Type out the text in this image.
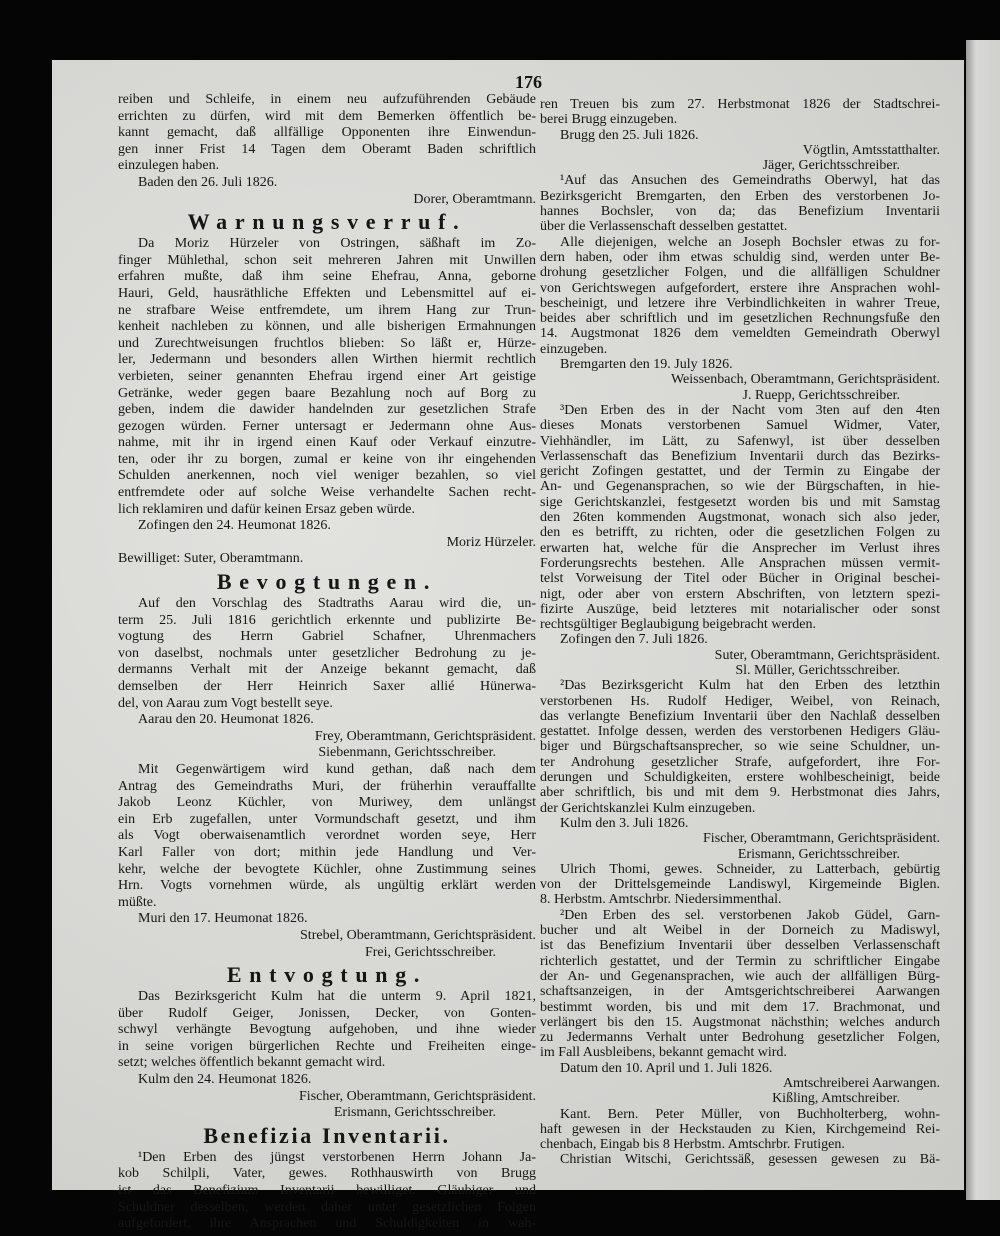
176
reiben und Schleife, in einem neu aufzuführenden Gebäude
errichten zu dürfen, wird mit dem Bemerken öffentlich be-
kannt gemacht, daß allfällige Opponenten ihre Einwendun-
gen inner Frist 14 Tagen dem Oberamt Baden schriftlich
einzulegen haben.
Baden den 26. Juli 1826.
Dorer, Oberamtmann.
Warnungsverruf.
Da Moriz Hürzeler von Ostringen, säßhaft im Zo-
finger Mühlethal, schon seit mehreren Jahren mit Unwillen
erfahren mußte, daß ihm seine Ehefrau, Anna, geborne
Hauri, Geld, hausräthliche Effekten und Lebensmittel auf ei-
ne strafbare Weise entfremdete, um ihrem Hang zur Trun-
kenheit nachleben zu können, und alle bisherigen Ermahnungen
und Zurechtweisungen fruchtlos blieben: So läßt er, Hürze-
ler, Jedermann und besonders allen Wirthen hiermit rechtlich
verbieten, seiner genannten Ehefrau irgend einer Art geistige
Getränke, weder gegen baare Bezahlung noch auf Borg zu
geben, indem die dawider handelnden zur gesetzlichen Strafe
gezogen würden. Ferner untersagt er Jedermann ohne Aus-
nahme, mit ihr in irgend einen Kauf oder Verkauf einzutre-
ten, oder ihr zu borgen, zumal er keine von ihr eingehenden
Schulden anerkennen, noch viel weniger bezahlen, so viel
entfremdete oder auf solche Weise verhandelte Sachen recht-
lich reklamiren und dafür keinen Ersaz geben würde.
Zofingen den 24. Heumonat 1826.
Moriz Hürzeler.
Bewilliget: Suter, Oberamtmann.
Bevogtungen.
Auf den Vorschlag des Stadtraths Aarau wird die, un-
term 25. Juli 1816 gerichtlich erkennte und publizirte Be-
vogtung des Herrn Gabriel Schafner, Uhrenmachers
von daselbst, nochmals unter gesetzlicher Bedrohung zu je-
dermanns Verhalt mit der Anzeige bekannt gemacht, daß
demselben der Herr Heinrich Saxer allié Hünerwa-
del, von Aarau zum Vogt bestellt seye.
Aarau den 20. Heumonat 1826.
Frey, Oberamtmann, Gerichtspräsident.
Siebenmann, Gerichtsschreiber.
Mit Gegenwärtigem wird kund gethan, daß nach dem
Antrag des Gemeindraths Muri, der früherhin verauffallte
Jakob Leonz Küchler, von Muriwey, dem unlängst
ein Erb zugefallen, unter Vormundschaft gesetzt, und ihm
als Vogt oberwaisenamtlich verordnet worden seye, Herr
Karl Faller von dort; mithin jede Handlung und Ver-
kehr, welche der bevogtete Küchler, ohne Zustimmung seines
Hrn. Vogts vornehmen würde, als ungültig erklärt werden
müßte.
Muri den 17. Heumonat 1826.
Strebel, Oberamtmann, Gerichtspräsident.
Frei, Gerichtsschreiber.
Entvogtung.
Das Bezirksgericht Kulm hat die unterm 9. April 1821,
über Rudolf Geiger, Jonissen, Decker, von Gonten-
schwyl verhängte Bevogtung aufgehoben, und ihne wieder
in seine vorigen bürgerlichen Rechte und Freiheiten einge-
setzt; welches öffentlich bekannt gemacht wird.
Kulm den 24. Heumonat 1826.
Fischer, Oberamtmann, Gerichtspräsident.
Erismann, Gerichtsschreiber.
Benefizia Inventarii.
¹Den Erben des jüngst verstorbenen Herrn Johann Ja-
kob Schilpli, Vater, gewes. Rothhauswirth von Brugg
ist das Benefizium Inventarii bewilliget. Gläubiger und
Schuldner desselben, werden daher unter gesetzlichen Folgen
aufgefordert, ihre Ansprachen und Schuldigkeiten in wah-
ren Treuen bis zum 27. Herbstmonat 1826 der Stadtschrei-
berei Brugg einzugeben.
Brugg den 25. Juli 1826.
Vögtlin, Amtsstatthalter.
Jäger, Gerichtsschreiber.
¹Auf das Ansuchen des Gemeindraths Oberwyl, hat das
Bezirksgericht Bremgarten, den Erben des verstorbenen Jo-
hannes Bochsler, von da; das Benefizium Inventarii
über die Verlassenschaft desselben gestattet.
Alle diejenigen, welche an Joseph Bochsler etwas zu for-
dern haben, oder ihm etwas schuldig sind, werden unter Be-
drohung gesetzlicher Folgen, und die allfälligen Schuldner
von Gerichtswegen aufgefordert, erstere ihre Ansprachen wohl-
bescheinigt, und letzere ihre Verbindlichkeiten in wahrer Treue,
beides aber schriftlich und im gesetzlichen Rechnungsfuße den
14. Augstmonat 1826 dem vemeldten Gemeindrath Oberwyl
einzugeben.
Bremgarten den 19. July 1826.
Weissenbach, Oberamtmann, Gerichtspräsident.
J. Ruepp, Gerichtsschreiber.
³Den Erben des in der Nacht vom 3ten auf den 4ten
dieses Monats verstorbenen Samuel Widmer, Vater,
Viehhändler, im Lätt, zu Safenwyl, ist über desselben
Verlassenschaft das Benefizium Inventarii durch das Bezirks-
gericht Zofingen gestattet, und der Termin zu Eingabe der
An- und Gegenansprachen, so wie der Bürgschaften, in hie-
sige Gerichtskanzlei, festgesetzt worden bis und mit Samstag
den 26ten kommenden Augstmonat, wonach sich also jeder,
den es betrifft, zu richten, oder die gesetzlichen Folgen zu
erwarten hat, welche für die Ansprecher im Verlust ihres
Forderungsrechts bestehen. Alle Ansprachen müssen vermit-
telst Vorweisung der Titel oder Bücher in Original beschei-
nigt, oder aber von erstern Abschriften, von letztern spezi-
fizirte Auszüge, beid letzteres mit notarialischer oder sonst
rechtsgültiger Beglaubigung beigebracht werden.
Zofingen den 7. Juli 1826.
Suter, Oberamtmann, Gerichtspräsident.
Sl. Müller, Gerichtsschreiber.
²Das Bezirksgericht Kulm hat den Erben des letzthin
verstorbenen Hs. Rudolf Hediger, Weibel, von Reinach,
das verlangte Benefizium Inventarii über den Nachlaß desselben
gestattet. Infolge dessen, werden des verstorbenen Hedigers Gläu-
biger und Bürgschaftsansprecher, so wie seine Schuldner, un-
ter Androhung gesetzlicher Strafe, aufgefordert, ihre For-
derungen und Schuldigkeiten, erstere wohlbescheinigt, beide
aber schriftlich, bis und mit dem 9. Herbstmonat dies Jahrs,
der Gerichtskanzlei Kulm einzugeben.
Kulm den 3. Juli 1826.
Fischer, Oberamtmann, Gerichtspräsident.
Erismann, Gerichtsschreiber.
Ulrich Thomi, gewes. Schneider, zu Latterbach, gebürtig
von der Drittelsgemeinde Landiswyl, Kirgemeinde Biglen.
8. Herbstm. Amtschrbr. Niedersimmenthal.
²Den Erben des sel. verstorbenen Jakob Güdel, Garn-
bucher und alt Weibel in der Dorneich zu Madiswyl,
ist das Benefizium Inventarii über desselben Verlassenschaft
richterlich gestattet, und der Termin zu schriftlicher Eingabe
der An- und Gegenansprachen, wie auch der allfälligen Bürg-
schaftsanzeigen, in der Amtsgerichtschreiberei Aarwangen
bestimmt worden, bis und mit dem 17. Brachmonat, und
verlängert bis den 15. Augstmonat nächsthin; welches andurch
zu Jedermanns Verhalt unter Bedrohung gesetzlicher Folgen,
im Fall Ausbleibens, bekannt gemacht wird.
Datum den 10. April und 1. Juli 1826.
Amtschreiberei Aarwangen.
Kißling, Amtschreiber.
Kant. Bern. Peter Müller, von Buchholterberg, wohn-
haft gewesen in der Heckstauden zu Kien, Kirchgemeind Rei-
chenbach, Eingab bis 8 Herbstm. Amtschrbr. Frutigen.
Christian Witschi, Gerichtssäß, gesessen gewesen zu Bä-
